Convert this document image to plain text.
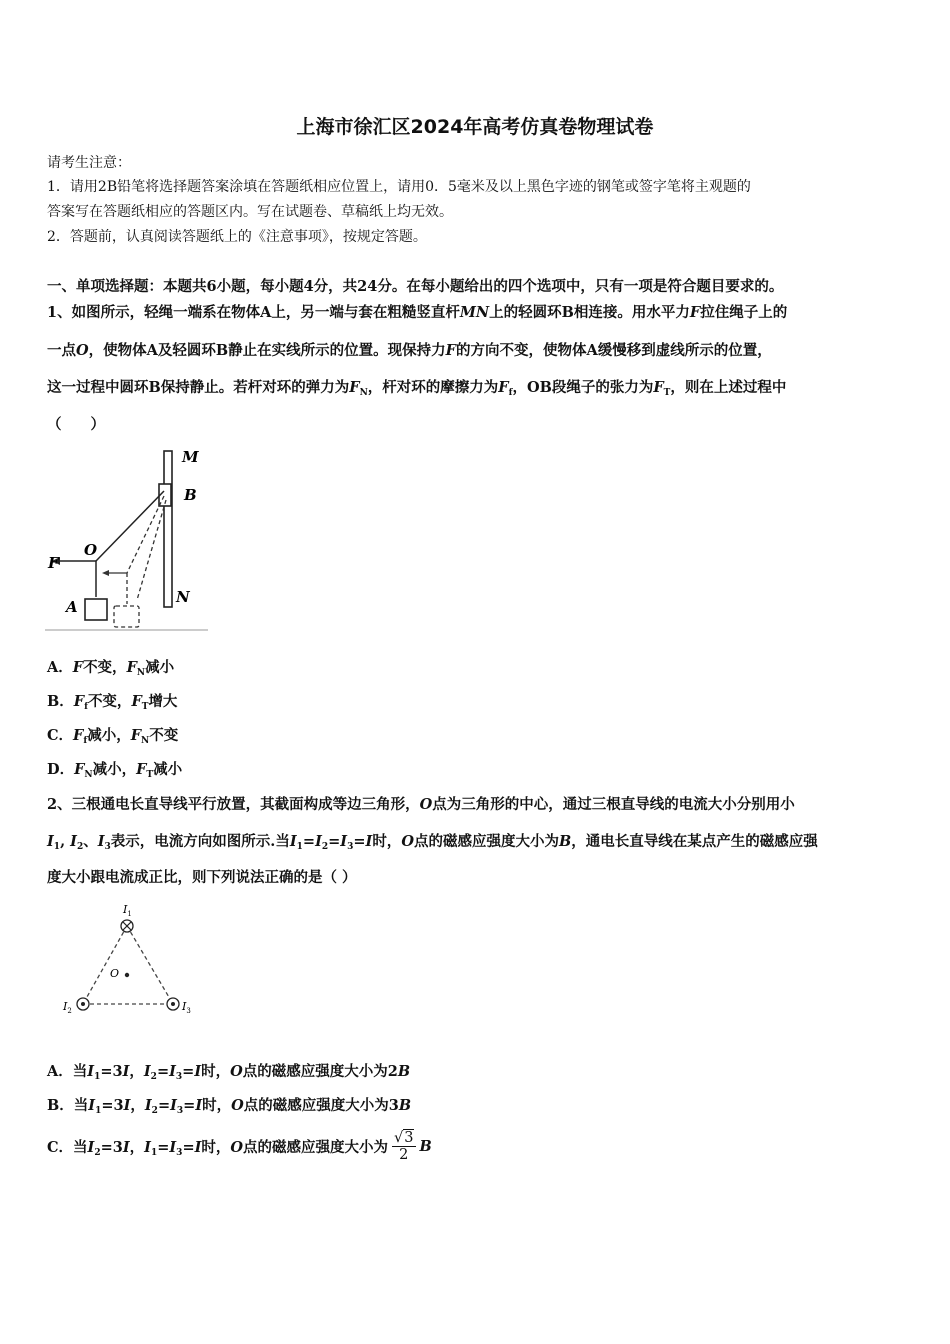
上海市徐汇区2024年高考仿真卷物理试卷
请考生注意：
1．请用2B铅笔将选择题答案涂填在答题纸相应位置上，请用0．5毫米及以上黑色字迹的钢笔或签字笔将主观题的
答案写在答题纸相应的答题区内。写在试题卷、草稿纸上均无效。
2．答题前，认真阅读答题纸上的《注意事项》，按规定答题。
一、单项选择题：本题共6小题，每小题4分，共24分。在每小题给出的四个选项中，只有一项是符合题目要求的。
1、如图所示，轻绳一端系在物体A上，另一端与套在粗糙竖直杆MN上的轻圆环B相连接。用水平力F拉住绳子上的
一点O，使物体A及轻圆环B静止在实线所示的位置。现保持力F的方向不变，使物体A缓慢移到虚线所示的位置，
这一过程中圆环B保持静止。若杆对环的弹力为$F_N$，杆对环的摩擦力为$F_f$，OB段绳子的张力为$F_T$，则在上述过程中
（　　）
M
B
O
F
A
N
A．F不变，$F_N$减小
B．$F_f$不变，$F_T$增大
C．$F_f$减小，$F_N$不变
D．$F_N$减小，$F_T$减小
2、三根通电长直导线平行放置，其截面构成等边三角形，O点为三角形的中心，通过三根直导线的电流大小分别用小
$I_1$, $I_2$、$I_3$表示，电流方向如图所示.当$I_1=I_2=I_3=I$时，O点的磁感应强度大小为B，通电长直导线在某点产生的磁感应强
度大小跟电流成正比，则下列说法正确的是（ ）
$I_1$
O
$I_2$	$I_3$
A．当$I_1=3I$，$I_2=I_3=I$时，O点的磁感应强度大小为2B
B．当$I_1=3I$，$I_2=I_3=I$时，O点的磁感应强度大小为3B
C．当$I_2=3I$，$I_1=I_3=I$时，O点的磁感应强度大小为 $\frac{√3}{2}$ B
